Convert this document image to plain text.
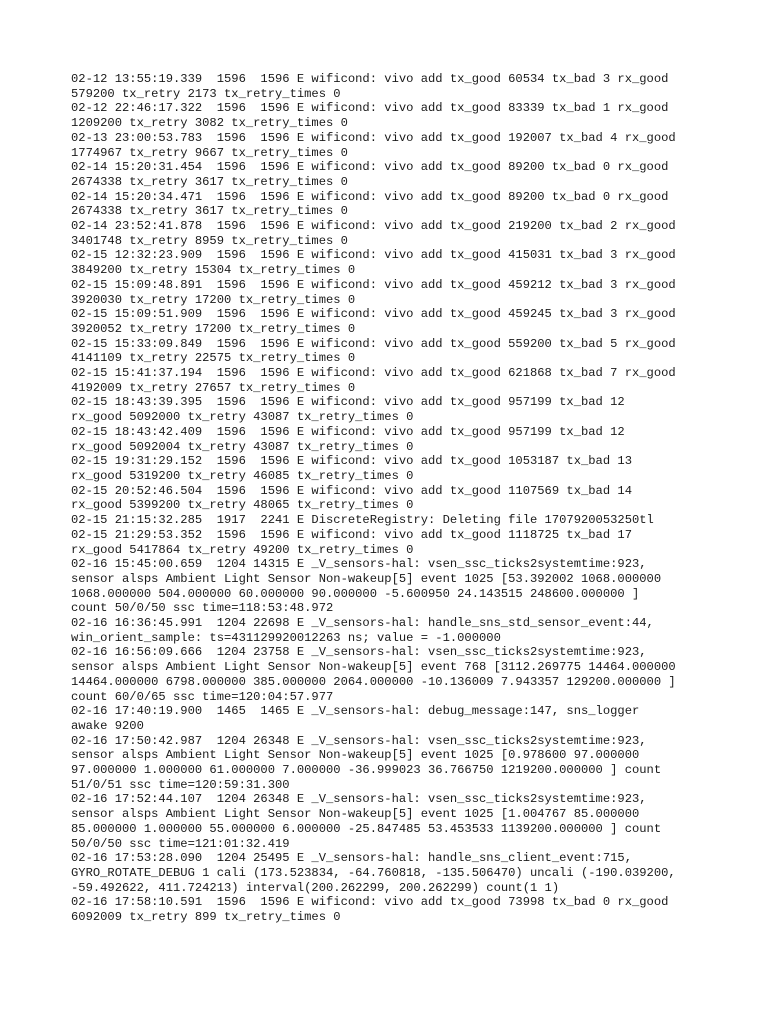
02-12 13:55:19.339  1596  1596 E wificond: vivo add tx_good 60534 tx_bad 3 rx_good
579200 tx_retry 2173 tx_retry_times 0
02-12 22:46:17.322  1596  1596 E wificond: vivo add tx_good 83339 tx_bad 1 rx_good
1209200 tx_retry 3082 tx_retry_times 0
02-13 23:00:53.783  1596  1596 E wificond: vivo add tx_good 192007 tx_bad 4 rx_good
1774967 tx_retry 9667 tx_retry_times 0
02-14 15:20:31.454  1596  1596 E wificond: vivo add tx_good 89200 tx_bad 0 rx_good
2674338 tx_retry 3617 tx_retry_times 0
02-14 15:20:34.471  1596  1596 E wificond: vivo add tx_good 89200 tx_bad 0 rx_good
2674338 tx_retry 3617 tx_retry_times 0
02-14 23:52:41.878  1596  1596 E wificond: vivo add tx_good 219200 tx_bad 2 rx_good
3401748 tx_retry 8959 tx_retry_times 0
02-15 12:32:23.909  1596  1596 E wificond: vivo add tx_good 415031 tx_bad 3 rx_good
3849200 tx_retry 15304 tx_retry_times 0
02-15 15:09:48.891  1596  1596 E wificond: vivo add tx_good 459212 tx_bad 3 rx_good
3920030 tx_retry 17200 tx_retry_times 0
02-15 15:09:51.909  1596  1596 E wificond: vivo add tx_good 459245 tx_bad 3 rx_good
3920052 tx_retry 17200 tx_retry_times 0
02-15 15:33:09.849  1596  1596 E wificond: vivo add tx_good 559200 tx_bad 5 rx_good
4141109 tx_retry 22575 tx_retry_times 0
02-15 15:41:37.194  1596  1596 E wificond: vivo add tx_good 621868 tx_bad 7 rx_good
4192009 tx_retry 27657 tx_retry_times 0
02-15 18:43:39.395  1596  1596 E wificond: vivo add tx_good 957199 tx_bad 12
rx_good 5092000 tx_retry 43087 tx_retry_times 0
02-15 18:43:42.409  1596  1596 E wificond: vivo add tx_good 957199 tx_bad 12
rx_good 5092004 tx_retry 43087 tx_retry_times 0
02-15 19:31:29.152  1596  1596 E wificond: vivo add tx_good 1053187 tx_bad 13
rx_good 5319200 tx_retry 46085 tx_retry_times 0
02-15 20:52:46.504  1596  1596 E wificond: vivo add tx_good 1107569 tx_bad 14
rx_good 5399200 tx_retry 48065 tx_retry_times 0
02-15 21:15:32.285  1917  2241 E DiscreteRegistry: Deleting file 1707920053250tl
02-15 21:29:53.352  1596  1596 E wificond: vivo add tx_good 1118725 tx_bad 17
rx_good 5417864 tx_retry 49200 tx_retry_times 0
02-16 15:45:00.659  1204 14315 E _V_sensors-hal: vsen_ssc_ticks2systemtime:923,
sensor alsps Ambient Light Sensor Non-wakeup[5] event 1025 [53.392002 1068.000000
1068.000000 504.000000 60.000000 90.000000 -5.600950 24.143515 248600.000000 ]
count 50/0/50 ssc time=118:53:48.972
02-16 16:36:45.991  1204 22698 E _V_sensors-hal: handle_sns_std_sensor_event:44,
win_orient_sample: ts=431129920012263 ns; value = -1.000000
02-16 16:56:09.666  1204 23758 E _V_sensors-hal: vsen_ssc_ticks2systemtime:923,
sensor alsps Ambient Light Sensor Non-wakeup[5] event 768 [3112.269775 14464.000000
14464.000000 6798.000000 385.000000 2064.000000 -10.136009 7.943357 129200.000000 ]
count 60/0/65 ssc time=120:04:57.977
02-16 17:40:19.900  1465  1465 E _V_sensors-hal: debug_message:147, sns_logger
awake 9200
02-16 17:50:42.987  1204 26348 E _V_sensors-hal: vsen_ssc_ticks2systemtime:923,
sensor alsps Ambient Light Sensor Non-wakeup[5] event 1025 [0.978600 97.000000
97.000000 1.000000 61.000000 7.000000 -36.999023 36.766750 1219200.000000 ] count
51/0/51 ssc time=120:59:31.300
02-16 17:52:44.107  1204 26348 E _V_sensors-hal: vsen_ssc_ticks2systemtime:923,
sensor alsps Ambient Light Sensor Non-wakeup[5] event 1025 [1.004767 85.000000
85.000000 1.000000 55.000000 6.000000 -25.847485 53.453533 1139200.000000 ] count
50/0/50 ssc time=121:01:32.419
02-16 17:53:28.090  1204 25495 E _V_sensors-hal: handle_sns_client_event:715,
GYRO_ROTATE_DEBUG 1 cali (173.523834, -64.760818, -135.506470) uncali (-190.039200,
-59.492622, 411.724213) interval(200.262299, 200.262299) count(1 1)
02-16 17:58:10.591  1596  1596 E wificond: vivo add tx_good 73998 tx_bad 0 rx_good
6092009 tx_retry 899 tx_retry_times 0
